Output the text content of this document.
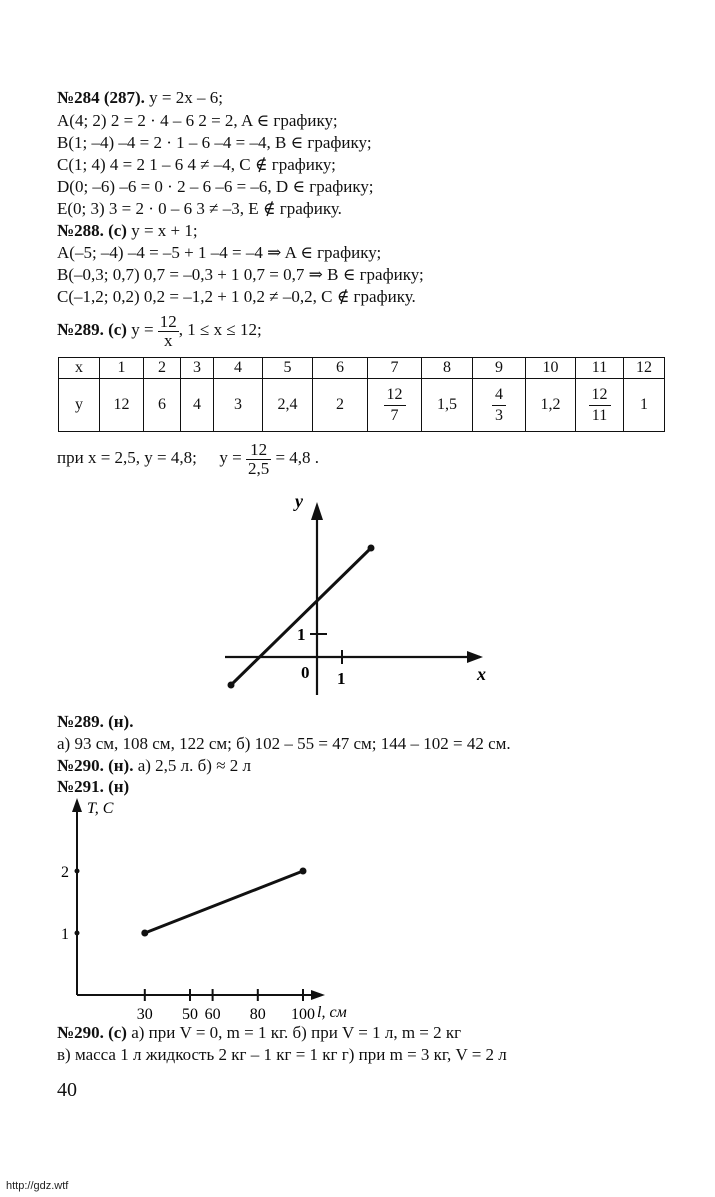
№284 (287). y = 2x – 6;
A(4; 2) 2 = 2 · 4 – 6 2 = 2, A ∈ графику;
B(1; –4) –4 = 2 · 1 – 6 –4 = –4, B ∈ графику;
C(1; 4) 4 = 2 1 – 6 4 ≠ –4, C ∉ графику;
D(0; –6) –6 = 0 · 2 – 6 –6 = –6, D ∈ графику;
E(0; 3) 3 = 2 · 0 – 6 3 ≠ –3, E ∉ графику.
№288. (с) y = x + 1;
A(–5; –4) –4 = –5 + 1 –4 = –4 ⇒ A ∈ графику;
B(–0,3; 0,7) 0,7 = –0,3 + 1 0,7 = 0,7 ⇒ B ∈ графику;
C(–1,2; 0,2) 0,2 = –1,2 + 1 0,2 ≠ –0,2, C ∉ графику.
№289. (с) $y = \frac{12}{x}$ , 1 ≤ x ≤ 12;
x	1	2	3	4	5	6	7	8	9	10	11	12
y	12	6	4	3	2,4	2	$\frac{12}{7}$	1,5	$\frac{4}{3}$	1,2	$\frac{12}{11}$	1
при x = 2,5, y = 4,8; $y = \frac{12}{2,5} = 4,8$ .
y
x
0 1
1
№289. (н).
а) 93 см, 108 см, 122 см; б) 102 – 55 = 47 см; 144 – 102 = 42 см.
№290. (н). а) 2,5 л. б) ≈ 2 л
№291. (н)
T, C
l, см
30 50 60 80 100
1
2
№290. (с) а) при V = 0, m = 1 кг. б) при V = 1 л, m = 2 кг
в) масса 1 л жидкость 2 кг – 1 кг = 1 кг г) при m = 3 кг, V = 2 л
40
http://gdz.wtf
